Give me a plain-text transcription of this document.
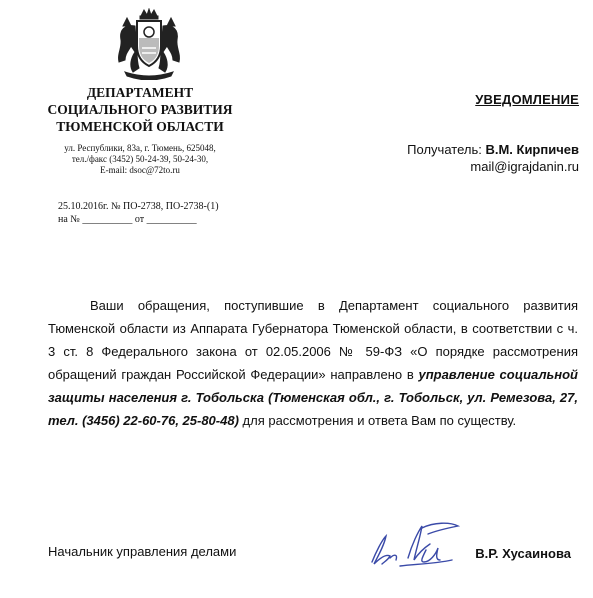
ДЕПАРТАМЕНТ
СОЦИАЛЬНОГО РАЗВИТИЯ
ТЮМЕНСКОЙ ОБЛАСТИ
ул. Республики, 83а, г. Тюмень, 625048,
тел./факс (3452) 50-24-39, 50-24-30,
E-mail: dsoc@72to.ru
25.10.2016г. № ПО-2738, ПО-2738-(1)
на № __________ от __________
УВЕДОМЛЕНИЕ
Получатель: В.М. Кирпичев
mail@igrajdanin.ru

Ваши обращения, поступившие в Департамент социального развития Тюменской области из Аппарата Губернатора Тюменской области, в соответствии с ч. 3 ст. 8 Федерального закона от 02.05.2006 № 59-ФЗ «О порядке рассмотрения обращений граждан Российской Федерации» направлено в управление социальной защиты населения г. Тобольска (Тюменская обл., г. Тобольск, ул. Ремезова, 27, тел. (3456) 22-60-76, 25-80-48) для рассмотрения и ответа Вам по существу.

Начальник управления делами	В.Р. Хусаинова
